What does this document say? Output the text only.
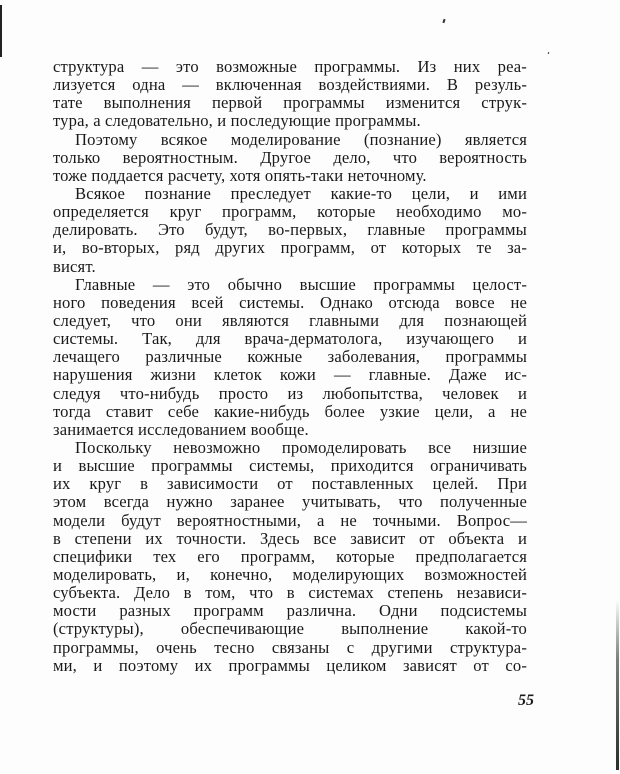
структура — это возможные программы. Из них реа-
лизуется одна — включенная воздействиями. В резуль-
тате выполнения первой программы изменится струк-
тура, а следовательно, и последующие программы.
Поэтому всякое моделирование (познание) является
только вероятностным. Другое дело, что вероятность
тоже поддается расчету, хотя опять-таки неточному.
Всякое познание преследует какие-то цели, и ими
определяется круг программ, которые необходимо мо-
делировать. Это будут, во-первых, главные программы
и, во-вторых, ряд других программ, от которых те за-
висят.
Главные — это обычно высшие программы целост-
ного поведения всей системы. Однако отсюда вовсе не
следует, что они являются главными для познающей
системы. Так, для врача-дерматолога, изучающего и
лечащего различные кожные заболевания, программы
нарушения жизни клеток кожи — главные. Даже ис-
следуя что-нибудь просто из любопытства, человек и
тогда ставит себе какие-нибудь более узкие цели, а не
занимается исследованием вообще.
Поскольку невозможно промоделировать все низшие
и высшие программы системы, приходится ограничивать
их круг в зависимости от поставленных целей. При
этом всегда нужно заранее учитывать, что полученные
модели будут вероятностными, а не точными. Вопрос—
в степени их точности. Здесь все зависит от объекта и
специфики тех его программ, которые предполагается
моделировать, и, конечно, моделирующих возможностей
субъекта. Дело в том, что в системах степень независи-
мости разных программ различна. Одни подсистемы
(структуры), обеспечивающие выполнение какой-то
программы, очень тесно связаны с другими структура-
ми, и поэтому их программы целиком зависят от со-
55
